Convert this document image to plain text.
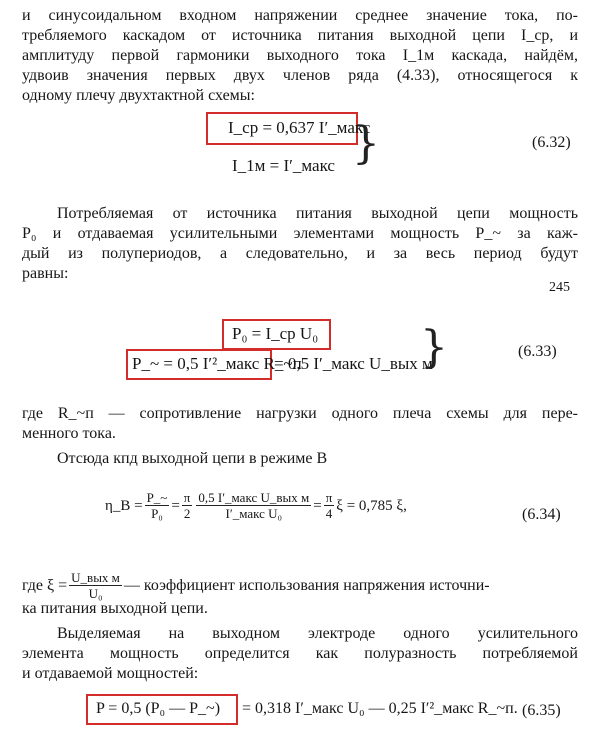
и синусоидальном входном напряжении среднее значение тока, по-
требляемого каскадом от источника питания выходной цепи I_ср, и
амплитуду первой гармоники выходного тока I_1м каскада, найдём,
удвоив значения первых двух членов ряда (4.33), относящегося к
одному плечу двухтактной схемы:
I_ср = 0,637 I′_макс
I_1м = I′_макс }	(6.32)
Потребляемая от источника питания выходной цепи мощность
P₀ и отдаваемая усилительными элементами мощность P_~ за каж-
дый из полупериодов, а следовательно, и за весь период будут
равны:
245
P₀ = I_ср U₀
P_~ = 0,5 I′²_макс R_~п
= 0,5 I′_макс U_вых м
}	(6.33)
где R_~п — сопротивление нагрузки одного плеча схемы для пере-
менного тока.
Отсюда кпд выходной цепи в режиме В
η_В = $\frac{P\_\sim}{\text{P₀}} = \frac{\pi}{2} \frac{\text{0,5 I′\_макс U\_вых м}}{\text{I′\_макс U₀}} = \frac{\pi}{4}$ ξ = 0,785 ξ,
(6.34)
где $\xi = \frac{\text{U\_вых м}}{\text{U₀}}$ — коэффициент использования напряжения источни-
ка питания выходной цепи.
Выделяемая на выходном электроде одного усилительного
элемента мощность определится как полуразность потребляемой
и отдаваемой мощностей:
P = 0,5 (P₀ — P_~) = 0,318 I′_макс U₀ — 0,25 I′²_макс R_~п. (6.35)
